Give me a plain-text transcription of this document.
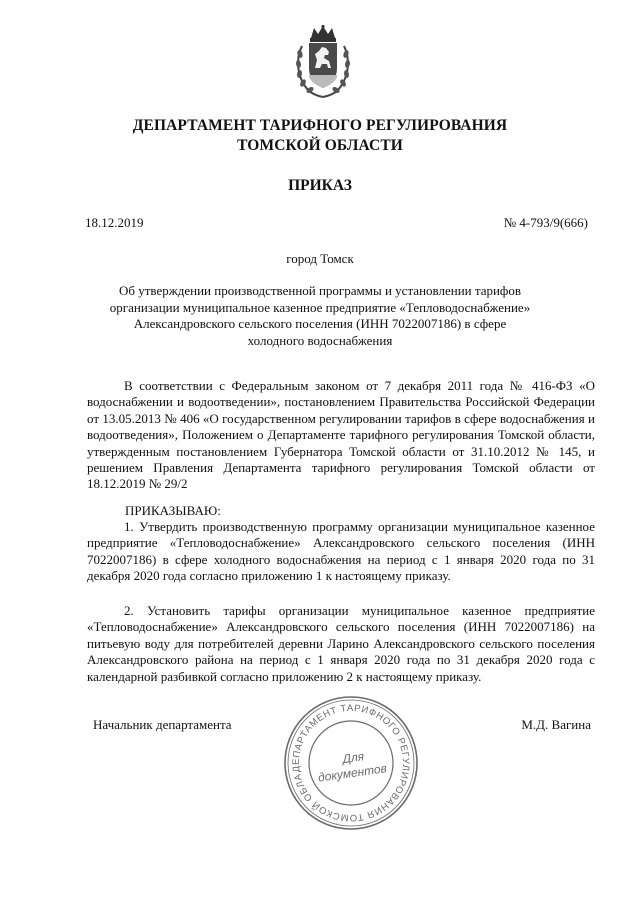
ДЕПАРТАМЕНТ ТАРИФНОГО РЕГУЛИРОВАНИЯ
ТОМСКОЙ ОБЛАСТИ
ПРИКАЗ
18.12.2019	№ 4-793/9(666)
город Томск
Об утверждении производственной программы и установлении тарифов организации муниципальное казенное предприятие «Тепловодоснабжение» Александровского сельского поселения (ИНН 7022007186) в сфере холодного водоснабжения

В соответствии с Федеральным законом от 7 декабря 2011 года № 416-ФЗ «О водоснабжении и водоотведении», постановлением Правительства Российской Федерации от 13.05.2013 № 406 «О государственном регулировании тарифов в сфере водоснабжения и водоотведения», Положением о Департаменте тарифного регулирования Томской области, утвержденным постановлением Губернатора Томской области от 31.10.2012 № 145, и решением Правления Департамента тарифного регулирования Томской области от 18.12.2019 № 29/2

ПРИКАЗЫВАЮ:

1. Утвердить производственную программу организации муниципальное казенное предприятие «Тепловодоснабжение» Александровского сельского поселения (ИНН 7022007186) в сфере холодного водоснабжения на период с 1 января 2020 года по 31 декабря 2020 года согласно приложению 1 к настоящему приказу.

2. Установить тарифы организации муниципальное казенное предприятие «Тепловодоснабжение» Александровского сельского поселения (ИНН 7022007186) на питьевую воду для потребителей деревни Ларино Александровского сельского поселения Александровского района на период с 1 января 2020 года по 31 декабря 2020 года с календарной разбивкой согласно приложению 2 к настоящему приказу.

Начальник департамента	М.Д. Вагина
ДЕПАРТАМЕНТ ТАРИФНОГО РЕГУЛИРОВАНИЯ ТОМСКОЙ ОБЛАСТИ
Для
документов
